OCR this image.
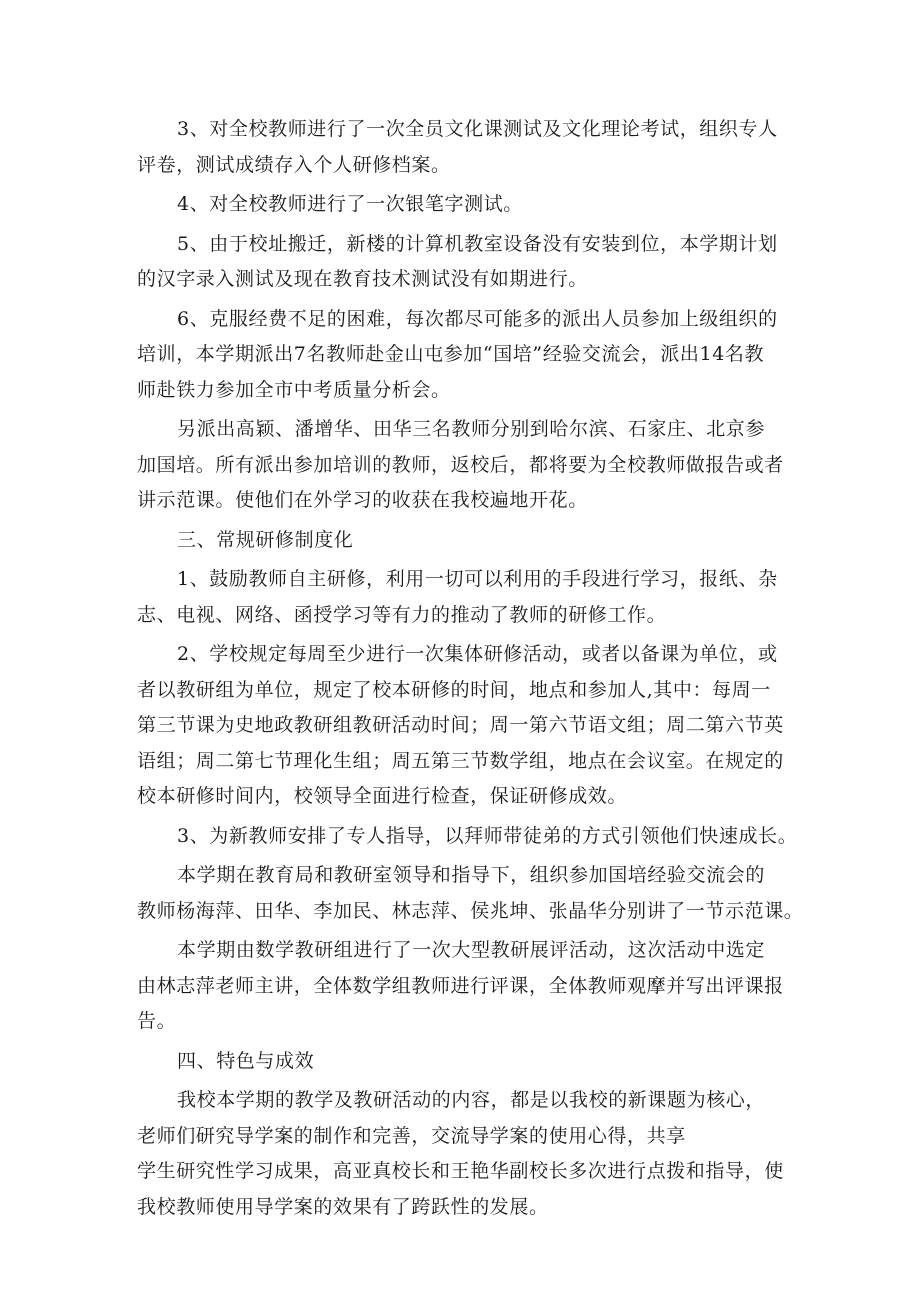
3、对全校教师进行了一次全员文化课测试及文化理论考试，组织专人
评卷，测试成绩存入个人研修档案。

4、对全校教师进行了一次银笔字测试。

5、由于校址搬迁，新楼的计算机教室设备没有安装到位，本学期计划
的汉字录入测试及现在教育技术测试没有如期进行。

6、克服经费不足的困难，每次都尽可能多的派出人员参加上级组织的
培训，本学期派出7名教师赴金山屯参加“国培”经验交流会，派出14名教
师赴铁力参加全市中考质量分析会。

另派出高颖、潘增华、田华三名教师分别到哈尔滨、石家庄、北京参
加国培。所有派出参加培训的教师，返校后，都将要为全校教师做报告或者
讲示范课。使他们在外学习的收获在我校遍地开花。

三、常规研修制度化

1、鼓励教师自主研修，利用一切可以利用的手段进行学习，报纸、杂
志、电视、网络、函授学习等有力的推动了教师的研修工作。

2、学校规定每周至少进行一次集体研修活动，或者以备课为单位，或
者以教研组为单位，规定了校本研修的时间，地点和参加人,其中：每周一
第三节课为史地政教研组教研活动时间；周一第六节语文组；周二第六节英
语组；周二第七节理化生组；周五第三节数学组，地点在会议室。在规定的
校本研修时间内，校领导全面进行检查，保证研修成效。

3、为新教师安排了专人指导，以拜师带徒弟的方式引领他们快速成长。

本学期在教育局和教研室领导和指导下，组织参加国培经验交流会的
教师杨海萍、田华、李加民、林志萍、侯兆坤、张晶华分别讲了一节示范课。

本学期由数学教研组进行了一次大型教研展评活动，这次活动中选定
由林志萍老师主讲，全体数学组教师进行评课，全体教师观摩并写出评课报
告。

四、特色与成效

我校本学期的教学及教研活动的内容，都是以我校的新课题为核心，
老师们研究导学案的制作和完善，交流导学案的使用心得，共享
学生研究性学习成果，高亚真校长和王艳华副校长多次进行点拨和指导，使
我校教师使用导学案的效果有了跨跃性的发展。
